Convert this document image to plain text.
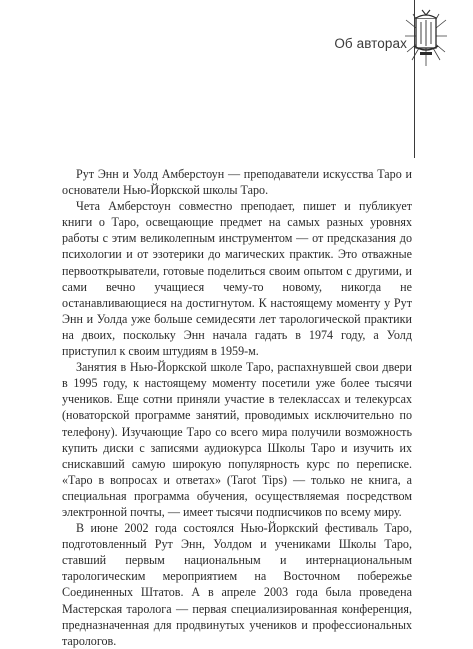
Об авторах

Рут Энн и Уолд Амберстоун — преподаватели искусства Таро и основатели Нью-Йоркской школы Таро.

Чета Амберстоун совместно преподает, пишет и публикует книги о Таро, освещающие предмет на самых разных уровнях работы с этим великолепным инструментом — от предсказания до психологии и от эзотерики до магических практик. Это отважные первооткрыватели, готовые поделиться своим опытом с другими, и сами вечно учащиеся чему-то новому, никогда не останавливающиеся на достигнутом. К настоящему моменту у Рут Энн и Уолда уже больше семидесяти лет тарологической практики на двоих, поскольку Энн начала гадать в 1974 году, а Уолд приступил к своим штудиям в 1959-м.

Занятия в Нью-Йоркской школе Таро, распахнувшей свои двери в 1995 году, к настоящему моменту посетили уже более тысячи учеников. Еще сотни приняли участие в телеклассах и телекурсах (новаторской программе занятий, проводимых исключительно по телефону). Изучающие Таро со всего мира получили возможность купить диски с записями аудиокурса Школы Таро и изучить их снискавший самую широкую популярность курс по переписке. «Таро в вопросах и ответах» (Tarot Tips) — только не книга, а специальная программа обучения, осуществляемая посредством электронной почты, — имеет тысячи подписчиков по всему миру.

В июне 2002 года состоялся Нью-Йоркский фестиваль Таро, подготовленный Рут Энн, Уолдом и учениками Школы Таро, ставший первым национальным и интернациональным тарологическим мероприятием на Восточном побережье Соединенных Штатов. А в апреле 2003 года была проведена Мастерская таролога — первая специализированная конференция, предназначенная для продвинутых учеников и профессиональных тарологов.
